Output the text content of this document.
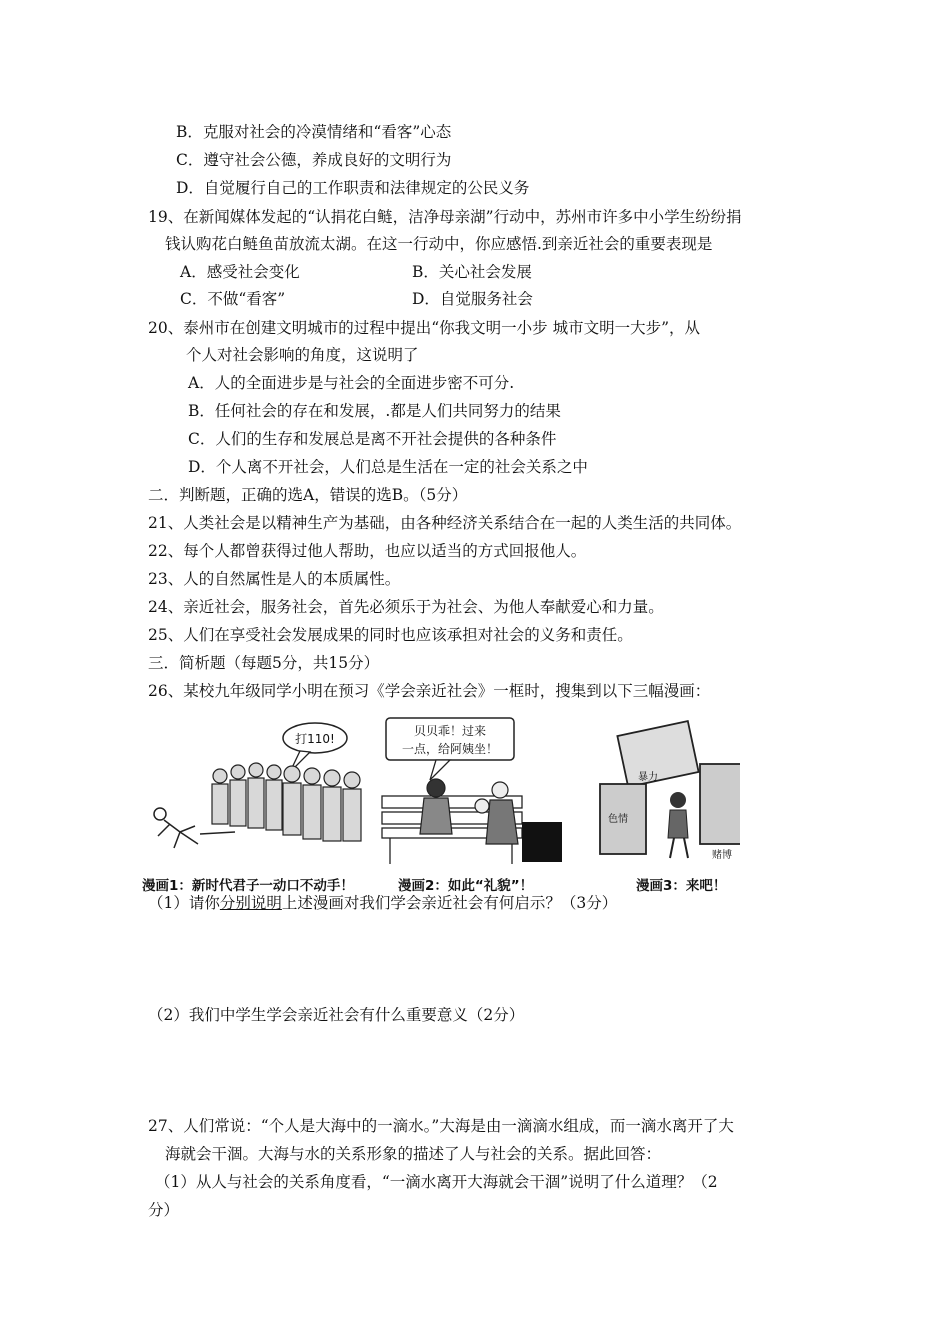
B．克服对社会的冷漠情绪和“看客”心态
C．遵守社会公德，养成良好的文明行为
D．自觉履行自己的工作职责和法律规定的公民义务
19、在新闻媒体发起的“认捐花白鲢，洁净母亲湖”行动中，苏州市许多中小学生纷纷捐
钱认购花白鲢鱼苗放流太湖。在这一行动中，你应感悟.到亲近社会的重要表现是
A．感受社会变化	B．关心社会发展
C．不做“看客”	D．自觉服务社会
20、泰州市在创建文明城市的过程中提出“你我文明一小步 城市文明一大步”，从
个人对社会影响的角度，这说明了
A．人的全面进步是与社会的全面进步密不可分.
B．任何社会的存在和发展，.都是人们共同努力的结果
C．人们的生存和发展总是离不开社会提供的各种条件
D．个人离不开社会，人们总是生活在一定的社会关系之中
二．判断题，正确的选A，错误的选B。（5分）
21、人类社会是以精神生产为基础，由各种经济关系结合在一起的人类生活的共同体。
22、每个人都曾获得过他人帮助，也应以适当的方式回报他人。
23、人的自然属性是人的本质属性。
24、亲近社会，服务社会，首先必须乐于为社会、为他人奉献爱心和力量。
25、人们在享受社会发展成果的同时也应该承担对社会的义务和责任。
三．简析题（每题5分，共15分）
26、某校九年级同学小明在预习《学会亲近社会》一框时，搜集到以下三幅漫画：
打110!
贝贝乖！过来
一点，给阿姨坐！
暴力
色情
赌博
漫画1：新时代君子一动口不动手！	漫画2：如此“礼貌”！	漫画3：来吧！
（1）请你分别说明上述漫画对我们学会亲近社会有何启示？（3分）
（2）我们中学生学会亲近社会有什么重要意义（2分）
27、人们常说：“个人是大海中的一滴水。”大海是由一滴滴水组成，而一滴水离开了大
海就会干涸。大海与水的关系形象的描述了人与社会的关系。据此回答：
（1）从人与社会的关系角度看，“一滴水离开大海就会干涸”说明了什么道理？（2
分）
